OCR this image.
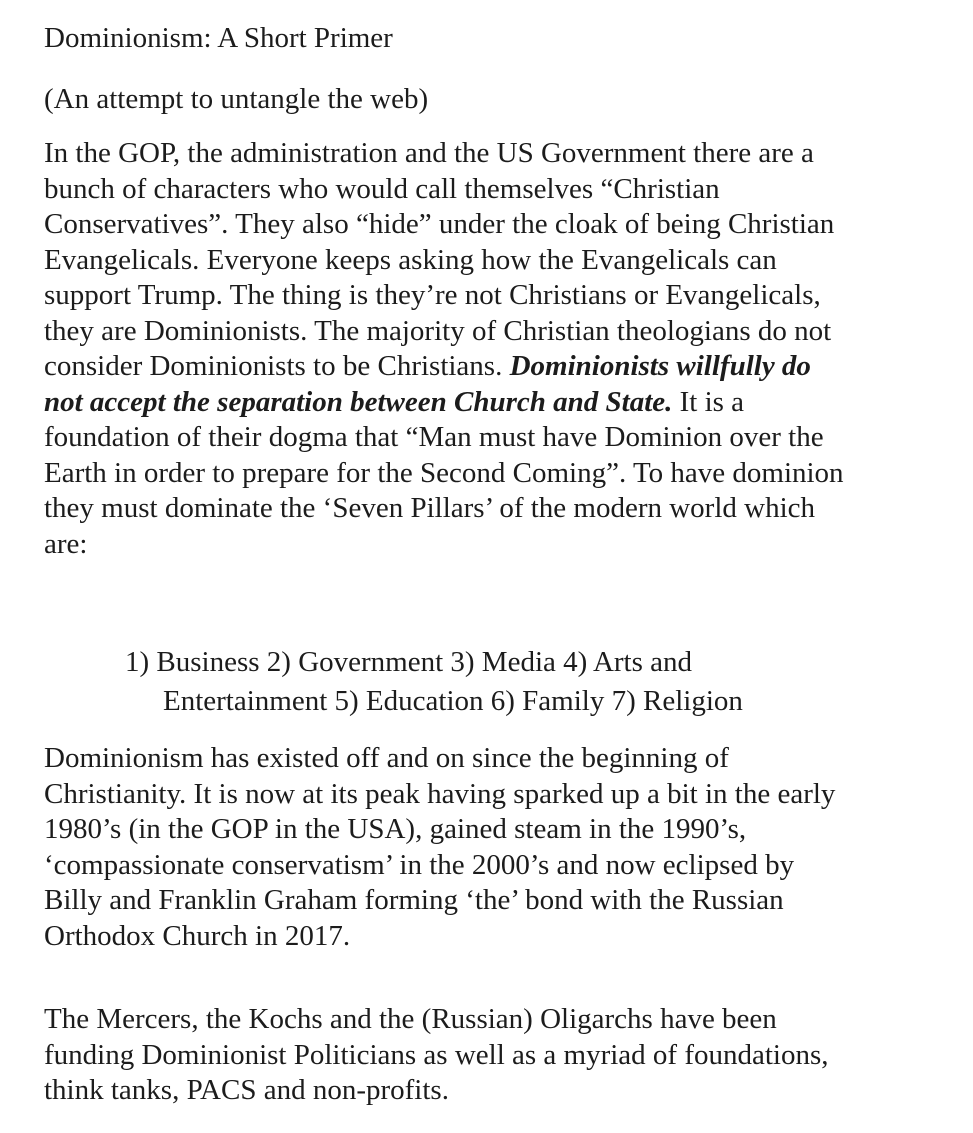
Dominionism: A Short Primer
(An attempt to untangle the web)
In the GOP, the administration and the US Government there are a
bunch of characters who would call themselves “Christian
Conservatives”. They also “hide” under the cloak of being Christian
Evangelicals. Everyone keeps asking how the Evangelicals can
support Trump. The thing is they’re not Christians or Evangelicals,
they are Dominionists. The majority of Christian theologians do not
consider Dominionists to be Christians. Dominionists willfully do
not accept the separation between Church and State. It is a
foundation of their dogma that “Man must have Dominion over the
Earth in order to prepare for the Second Coming”. To have dominion
they must dominate the ‘Seven Pillars’ of the modern world which
are:
1) Business 2) Government 3) Media 4) Arts and
Entertainment 5) Education 6) Family 7) Religion
Dominionism has existed off and on since the beginning of
Christianity. It is now at its peak having sparked up a bit in the early
1980’s (in the GOP in the USA), gained steam in the 1990’s,
‘compassionate conservatism’ in the 2000’s and now eclipsed by
Billy and Franklin Graham forming ‘the’ bond with the Russian
Orthodox Church in 2017.
The Mercers, the Kochs and the (Russian) Oligarchs have been
funding Dominionist Politicians as well as a myriad of foundations,
think tanks, PACS and non-profits.
